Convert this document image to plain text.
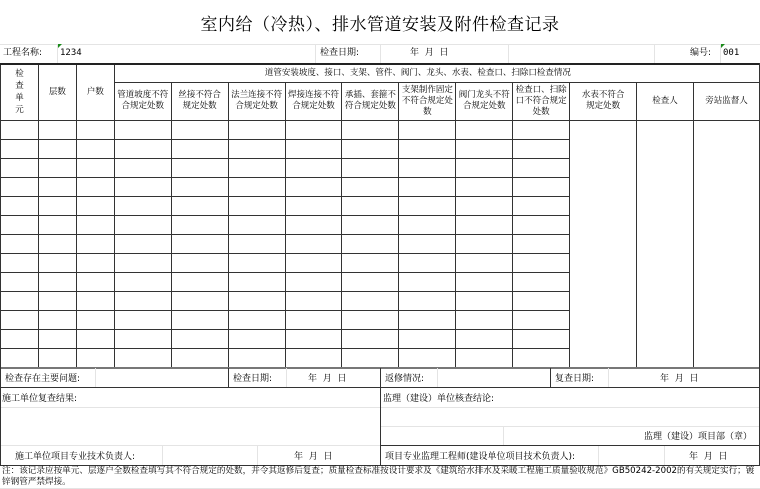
室内给（冷热）、排水管道安装及附件检查记录
工程名称: 1234	检查日期:	年  月  日	编号: 001
检查单元	层数	户数	道管安装坡度、接口、支架、管件、阀门、龙头、水表、检查口、扫除口检查情况										

			管道坡度不符合规定处数	丝接不符合规定处数	法兰连接不符合规定处数	焊接连接不符合规定处数	承插、套箍不符合规定处数	支架制作固定不符合规定处数	阀门龙头不符合规定处数	检查口、扫除口不符合规定处数	水表不符合规定处数	检查人	旁站监督人

检查存在主要问题:	检查日期:	年  月  日	返修情况:	复查日期:	年  月  日
施工单位复查结果:	监理（建设）单位核查结论:
监理（建设）项目部（章）
施工单位项目专业技术负责人:	年  月  日	项目专业监理工程师(建设单位项目技术负责人):	年  月  日
注：该记录应按单元、层逐户全数检查填写其不符合规定的处数，并令其返修后复查；质量检查标准按设计要求及《建筑给水排水及采暖工程施工质量验收规范》GB50242-2002的有关规定实行；镀锌钢管严禁焊接。
